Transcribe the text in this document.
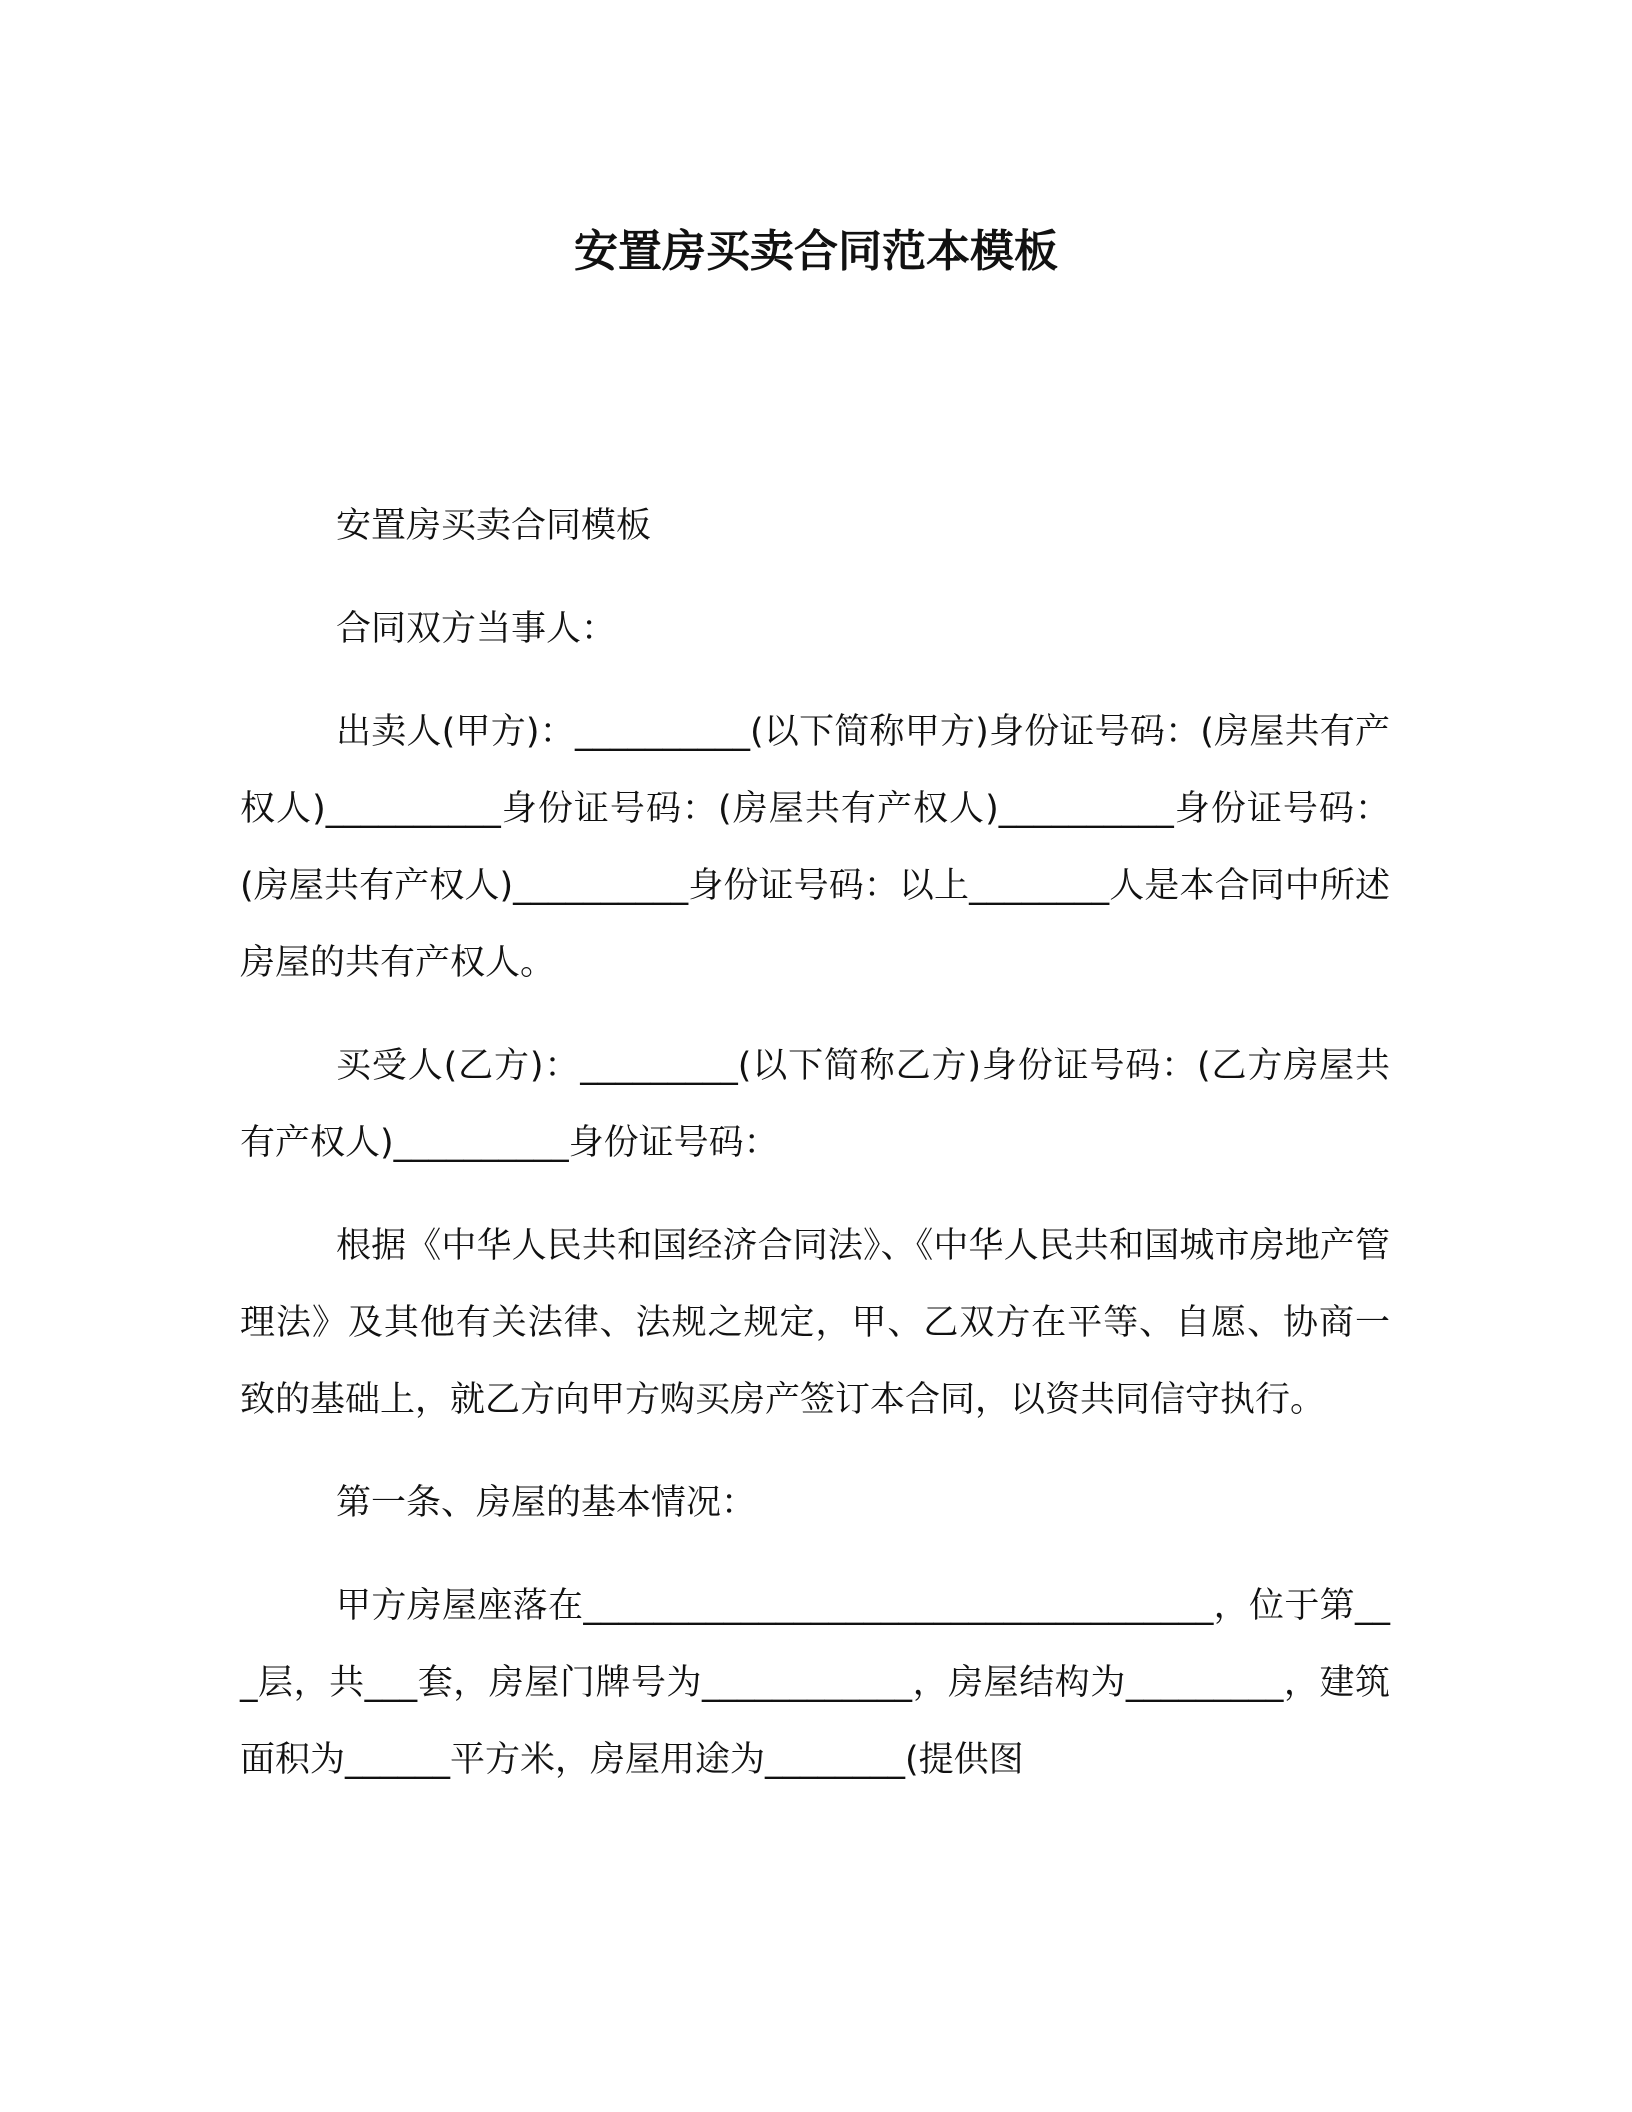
安置房买卖合同范本模板

安置房买卖合同模板

合同双方当事人：

出卖人(甲方)：__________(以下简称甲方)身份证号码：(房屋共有产权人)__________身份证号码：(房屋共有产权人)__________身份证号码：(房屋共有产权人)__________身份证号码：以上________人是本合同中所述房屋的共有产权人。

买受人(乙方)：_________(以下简称乙方)身份证号码：(乙方房屋共有产权人)__________身份证号码：

根据《中华人民共和国经济合同法》、《中华人民共和国城市房地产管理法》及其他有关法律、法规之规定，甲、乙双方在平等、自愿、协商一致的基础上，就乙方向甲方购买房产签订本合同，以资共同信守执行。

第一条、房屋的基本情况：

甲方房屋座落在____________________________________，位于第___层，共___套，房屋门牌号为____________，房屋结构为_________，建筑面积为______平方米，房屋用途为________(提供图
